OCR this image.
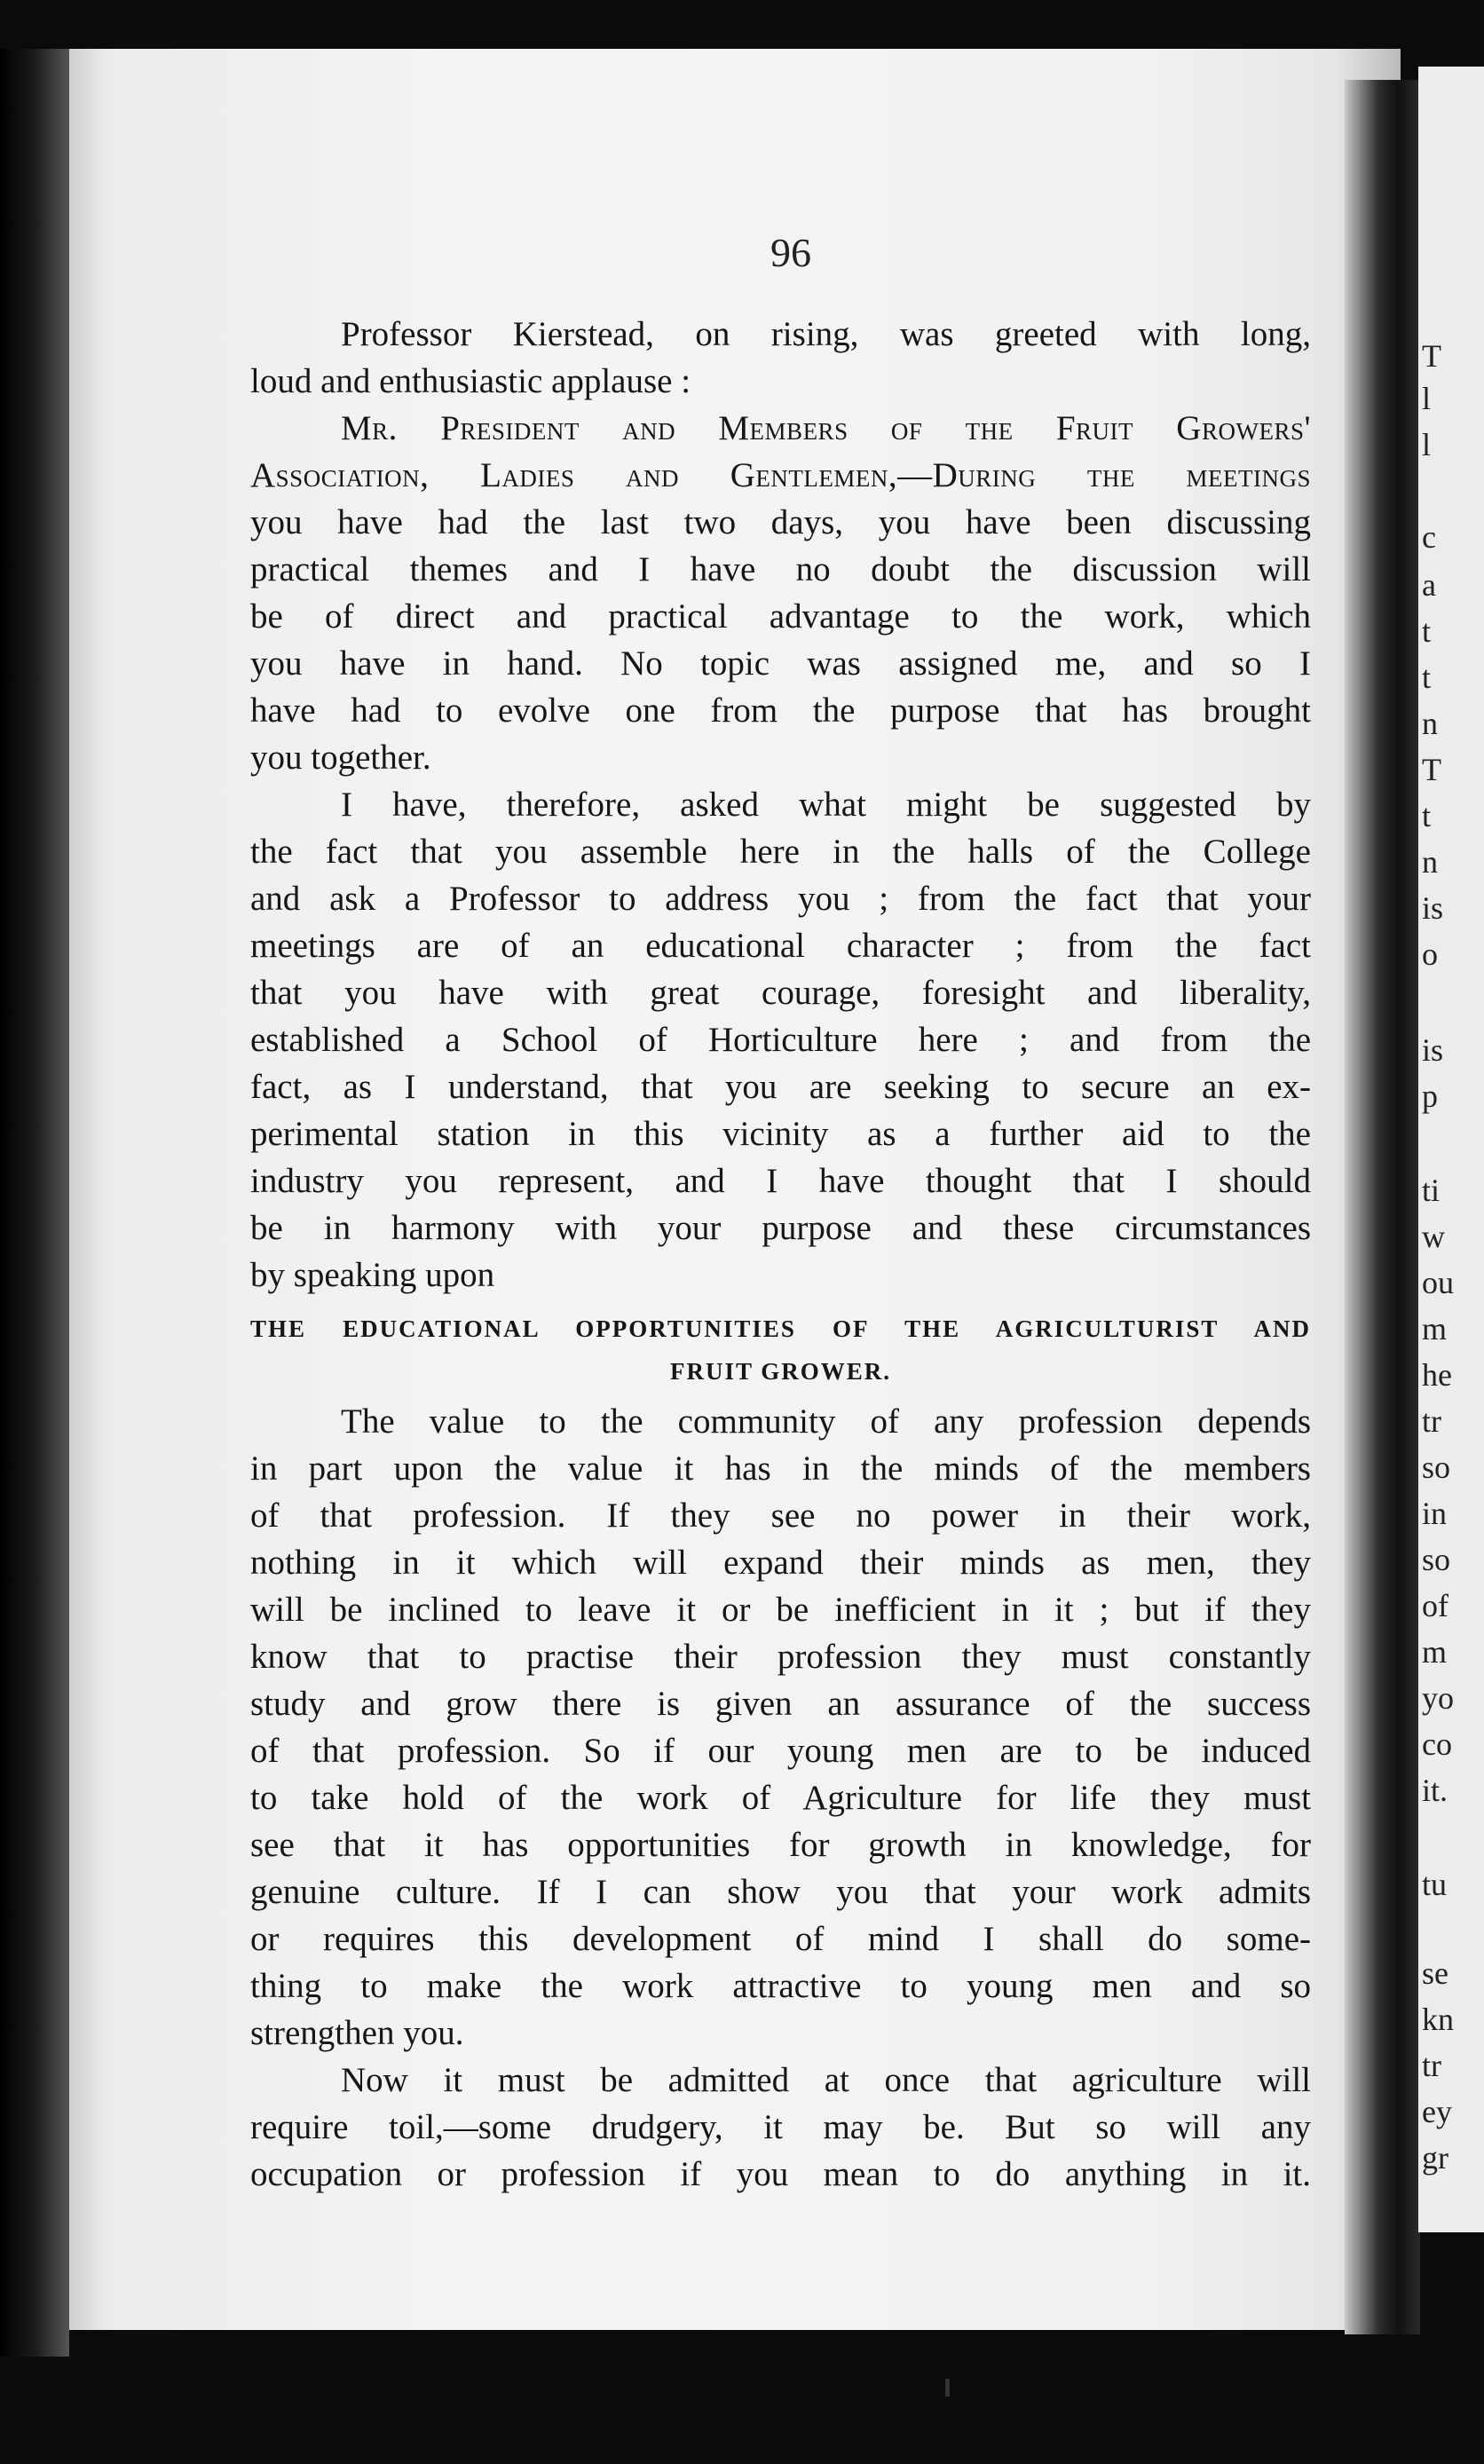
T
l
l
c
a
t
t
n
T
t
n
is
o
is
p
ti
w
ou
m
he
tr
so
in
so
of
m
yo
co
it.
tu
se
kn
tr
ey
gr
96
Professor Kierstead, on rising, was greeted with long,
loud and enthusiastic applause :
Mr. President and Members of the Fruit Growers'
Association, Ladies and Gentlemen,—During the meetings
you have had the last two days, you have been discussing
practical themes and I have no doubt the discussion will
be of direct and practical advantage to the work, which
you have in hand. No topic was assigned me, and so I
have had to evolve one from the purpose that has brought
you together.
I have, therefore, asked what might be suggested by
the fact that you assemble here in the halls of the College
and ask a Professor to address you ; from the fact that your
meetings are of an educational character ; from the fact
that you have with great courage, foresight and liberality,
established a School of Horticulture here ; and from the
fact, as I understand, that you are seeking to secure an ex-
perimental station in this vicinity as a further aid to the
industry you represent, and I have thought that I should
be in harmony with your purpose and these circumstances
by speaking upon
THE EDUCATIONAL OPPORTUNITIES OF THE AGRICULTURIST AND
FRUIT GROWER.
The value to the community of any profession depends
in part upon the value it has in the minds of the members
of that profession. If they see no power in their work,
nothing in it which will expand their minds as men, they
will be inclined to leave it or be inefficient in it ; but if they
know that to practise their profession they must constantly
study and grow there is given an assurance of the success
of that profession. So if our young men are to be induced
to take hold of the work of Agriculture for life they must
see that it has opportunities for growth in knowledge, for
genuine culture. If I can show you that your work admits
or requires this development of mind I shall do some-
thing to make the work attractive to young men and so
strengthen you.
Now it must be admitted at once that agriculture will
require toil,—some drudgery, it may be. But so will any
occupation or profession if you mean to do anything in it.
